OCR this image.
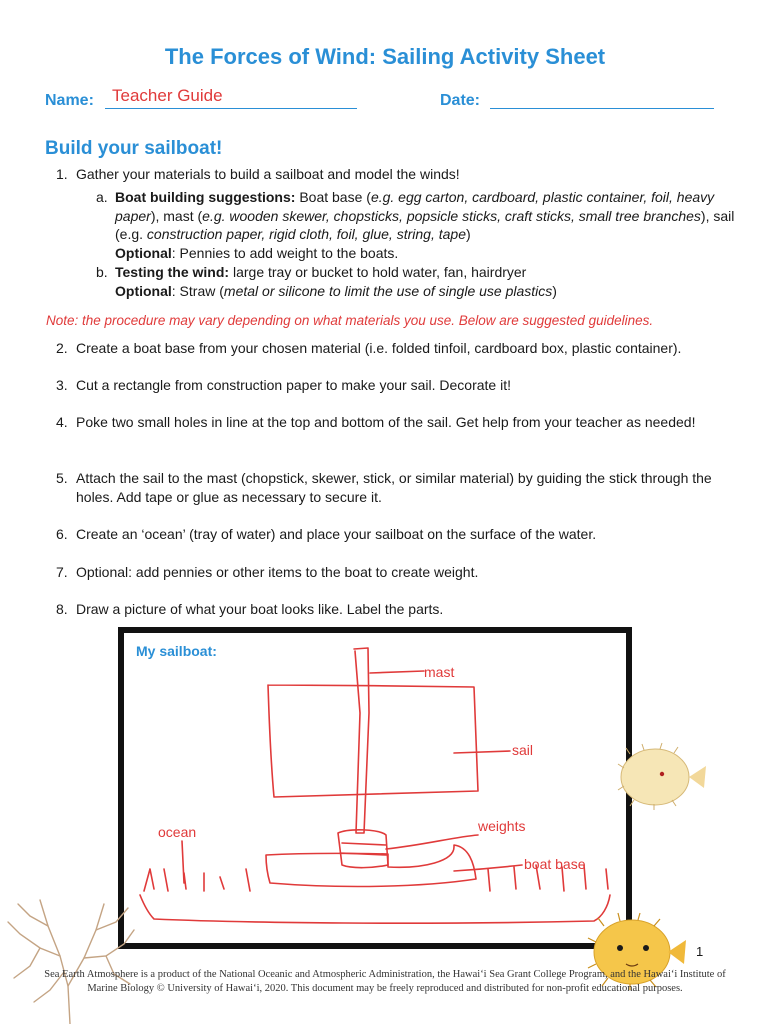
The Forces of Wind: Sailing Activity Sheet
Name: Teacher Guide	Date:
Build your sailboat!
1. Gather your materials to build a sailboat and model the winds!
a. Boat building suggestions: Boat base (e.g. egg carton, cardboard, plastic container, foil, heavy paper), mast (e.g. wooden skewer, chopsticks, popsicle sticks, craft sticks, small tree branches), sail (e.g. construction paper, rigid cloth, foil, glue, string, tape)
Optional: Pennies to add weight to the boats.
b. Testing the wind: large tray or bucket to hold water, fan, hairdryer
Optional: Straw (metal or silicone to limit the use of single use plastics)
Note: the procedure may vary depending on what materials you use. Below are suggested guidelines.
2. Create a boat base from your chosen material (i.e. folded tinfoil, cardboard box, plastic container).
3. Cut a rectangle from construction paper to make your sail. Decorate it!
4. Poke two small holes in line at the top and bottom of the sail. Get help from your teacher as needed!
5. Attach the sail to the mast (chopstick, skewer, stick, or similar material) by guiding the stick through the holes. Add tape or glue as necessary to secure it.
6. Create an ‘ocean’ (tray of water) and place your sailboat on the surface of the water.
7. Optional: add pennies or other items to the boat to create weight.
8. Draw a picture of what your boat looks like. Label the parts.
My sailboat:
mast
sail
ocean	weights
boat base
1
Sea Earth Atmosphere is a product of the National Oceanic and Atmospheric Administration, the Hawaiʻi Sea Grant College Program, and the Hawaiʻi Institute of Marine Biology © University of Hawaiʻi, 2020. This document may be freely reproduced and distributed for non-profit educational purposes.
